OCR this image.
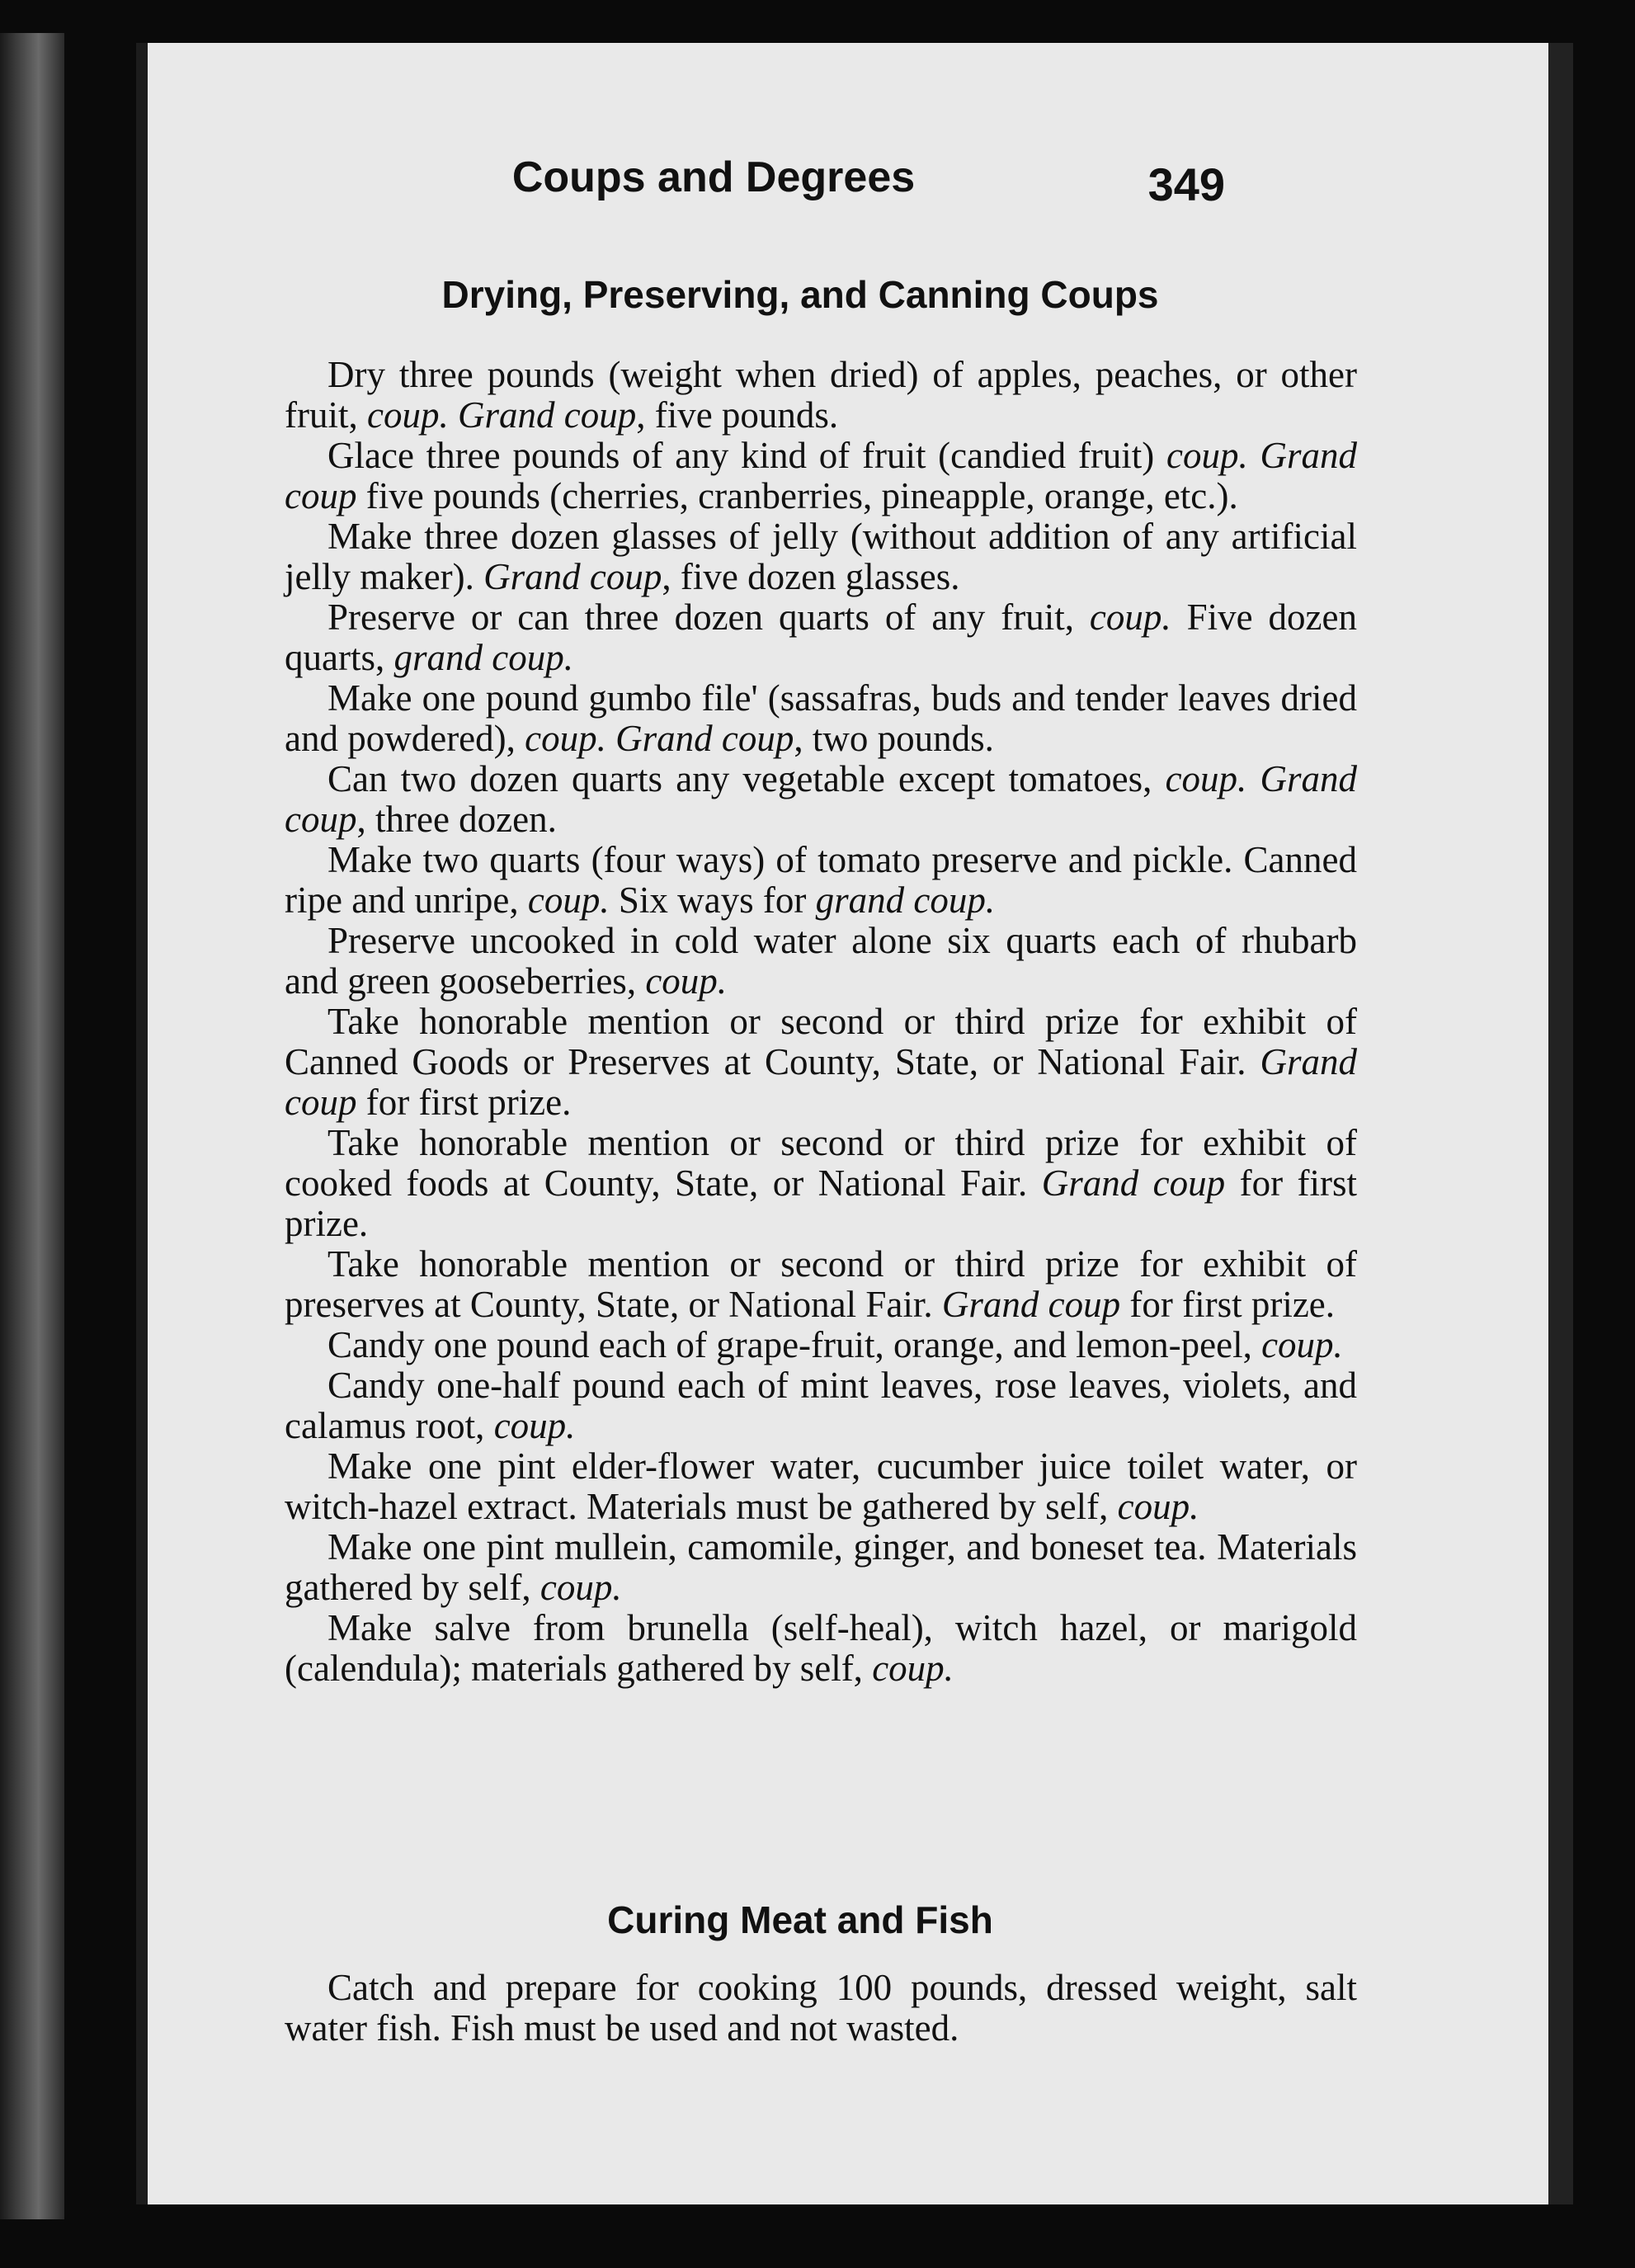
Coups and Degrees	349
Drying, Preserving, and Canning Coups

Dry three pounds (weight when dried) of apples, peaches, or other fruit, coup. Grand coup, five pounds.

Glace three pounds of any kind of fruit (candied fruit) coup. Grand coup five pounds (cherries, cranberries, pineapple, orange, etc.).

Make three dozen glasses of jelly (without addition of any artificial jelly maker). Grand coup, five dozen glasses.

Preserve or can three dozen quarts of any fruit, coup. Five dozen quarts, grand coup.

Make one pound gumbo file' (sassafras, buds and tender leaves dried and powdered), coup. Grand coup, two pounds.

Can two dozen quarts any vegetable except tomatoes, coup. Grand coup, three dozen.

Make two quarts (four ways) of tomato preserve and pickle. Canned ripe and unripe, coup. Six ways for grand coup.

Preserve uncooked in cold water alone six quarts each of rhubarb and green gooseberries, coup.

Take honorable mention or second or third prize for exhibit of Canned Goods or Preserves at County, State, or National Fair. Grand coup for first prize.

Take honorable mention or second or third prize for exhibit of cooked foods at County, State, or National Fair. Grand coup for first prize.

Take honorable mention or second or third prize for exhibit of preserves at County, State, or National Fair. Grand coup for first prize.

Candy one pound each of grape-fruit, orange, and lemon-peel, coup.

Candy one-half pound each of mint leaves, rose leaves, violets, and calamus root, coup.

Make one pint elder-flower water, cucumber juice toilet water, or witch-hazel extract. Materials must be gathered by self, coup.

Make one pint mullein, camomile, ginger, and boneset tea. Materials gathered by self, coup.

Make salve from brunella (self-heal), witch hazel, or marigold (calendula); materials gathered by self, coup.

Curing Meat and Fish

Catch and prepare for cooking 100 pounds, dressed weight, salt water fish. Fish must be used and not wasted.
